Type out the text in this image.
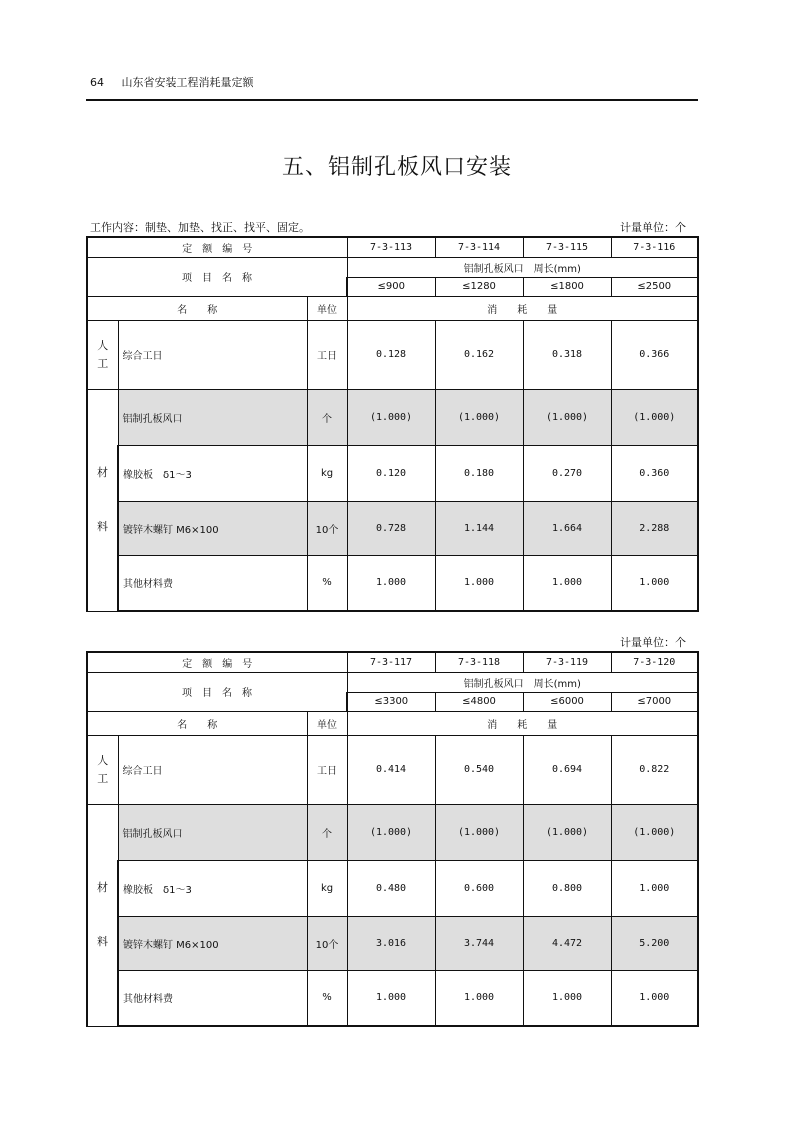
64 山东省安装工程消耗量定额
五、铝制孔板风口安装
工作内容：制垫、加垫、找正、找平、固定。	计量单位：个
定　额　编　号			7-3-113	7-3-114	7-3-115	7-3-116
项　目　名　称			铝制孔板风口　周长(mm)			
			≤900	≤1280	≤1800	≤2500
名　　称		单位	消　　耗　　量			

人
工	综合工日	工日	0.128	0.162	0.318	0.366

材
料	铝制孔板风口	个	(1.000)	(1.000)	(1.000)	(1.000)
	橡胶板　δ1～3	kg	0.120	0.180	0.270	0.360
	镀锌木螺钉 M6×100	10个	0.728	1.144	1.664	2.288
	其他材料费	%	1.000	1.000	1.000	1.000
计量单位：个
定　额　编　号			7-3-117	7-3-118	7-3-119	7-3-120
项　目　名　称			铝制孔板风口　周长(mm)			
			≤3300	≤4800	≤6000	≤7000
名　　称		单位	消　　耗　　量			

人
工	综合工日	工日	0.414	0.540	0.694	0.822

材
料	铝制孔板风口	个	(1.000)	(1.000)	(1.000)	(1.000)
	橡胶板　δ1～3	kg	0.480	0.600	0.800	1.000
	镀锌木螺钉 M6×100	10个	3.016	3.744	4.472	5.200
	其他材料费	%	1.000	1.000	1.000	1.000
